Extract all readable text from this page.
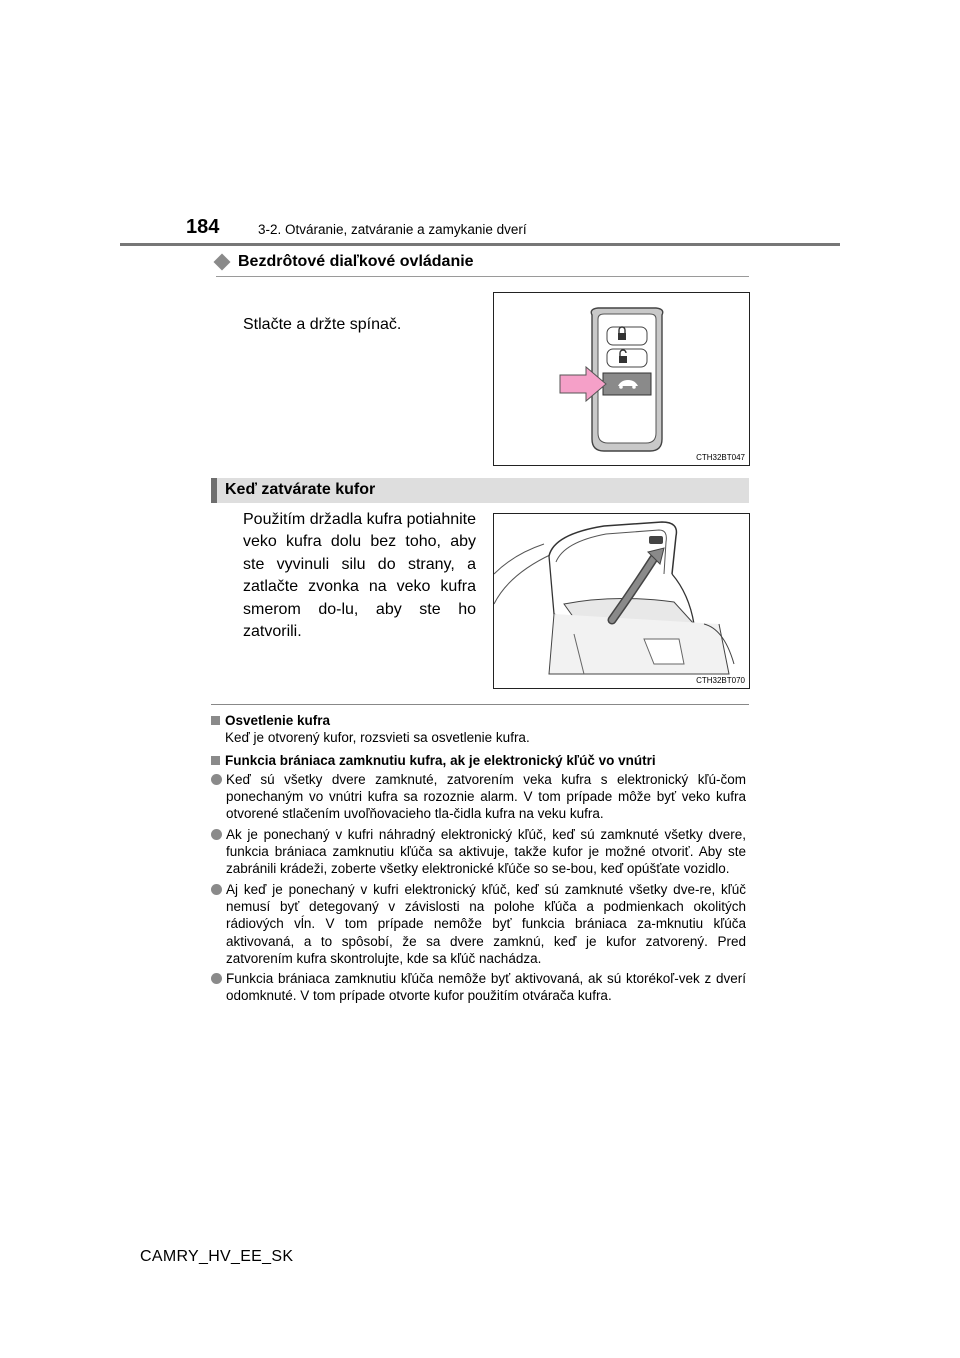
184	3-2. Otváranie, zatváranie a zamykanie dverí
Bezdrôtové diaľkové ovládanie
Stlačte a držte spínač.
CTH32BT047
Keď zatvárate kufor
Použitím držadla kufra potiahnite veko kufra dolu bez toho, aby ste vyvinuli silu do strany, a zatlačte zvonka na veko kufra smerom do-lu, aby ste ho zatvorili.
CTH32BT070
Osvetlenie kufra
Keď je otvorený kufor, rozsvieti sa osvetlenie kufra.
Funkcia brániaca zamknutiu kufra, ak je elektronický kľúč vo vnútri
Keď sú všetky dvere zamknuté, zatvorením veka kufra s elektronický kľú-čom ponechaným vo vnútri kufra sa rozoznie alarm. V tom prípade môže byť veko kufra otvorené stlačením uvoľňovacieho tla-čidla kufra na veku kufra.
Ak je ponechaný v kufri náhradný elektronický kľúč, keď sú zamknuté všetky dvere, funkcia brániaca zamknutiu kľúča sa aktivuje, takže kufor je možné otvoriť. Aby ste zabránili krádeži, zoberte všetky elektronické kľúče so se-bou, keď opúšťate vozidlo.
Aj keď je ponechaný v kufri elektronický kľúč, keď sú zamknuté všetky dve-re, kľúč nemusí byť detegovaný v závislosti na polohe kľúča a podmienkach okolitých rádiových vĺn. V tom prípade nemôže byť funkcia brániaca za-mknutiu kľúča aktivovaná, a to spôsobí, že sa dvere zamknú, keď je kufor zatvorený. Pred zatvorením kufra skontrolujte, kde sa kľúč nachádza.
Funkcia brániaca zamknutiu kľúča nemôže byť aktivovaná, ak sú ktorékoľ-vek z dverí odomknuté. V tom prípade otvorte kufor použitím otvárača kufra.
CAMRY_HV_EE_SK
